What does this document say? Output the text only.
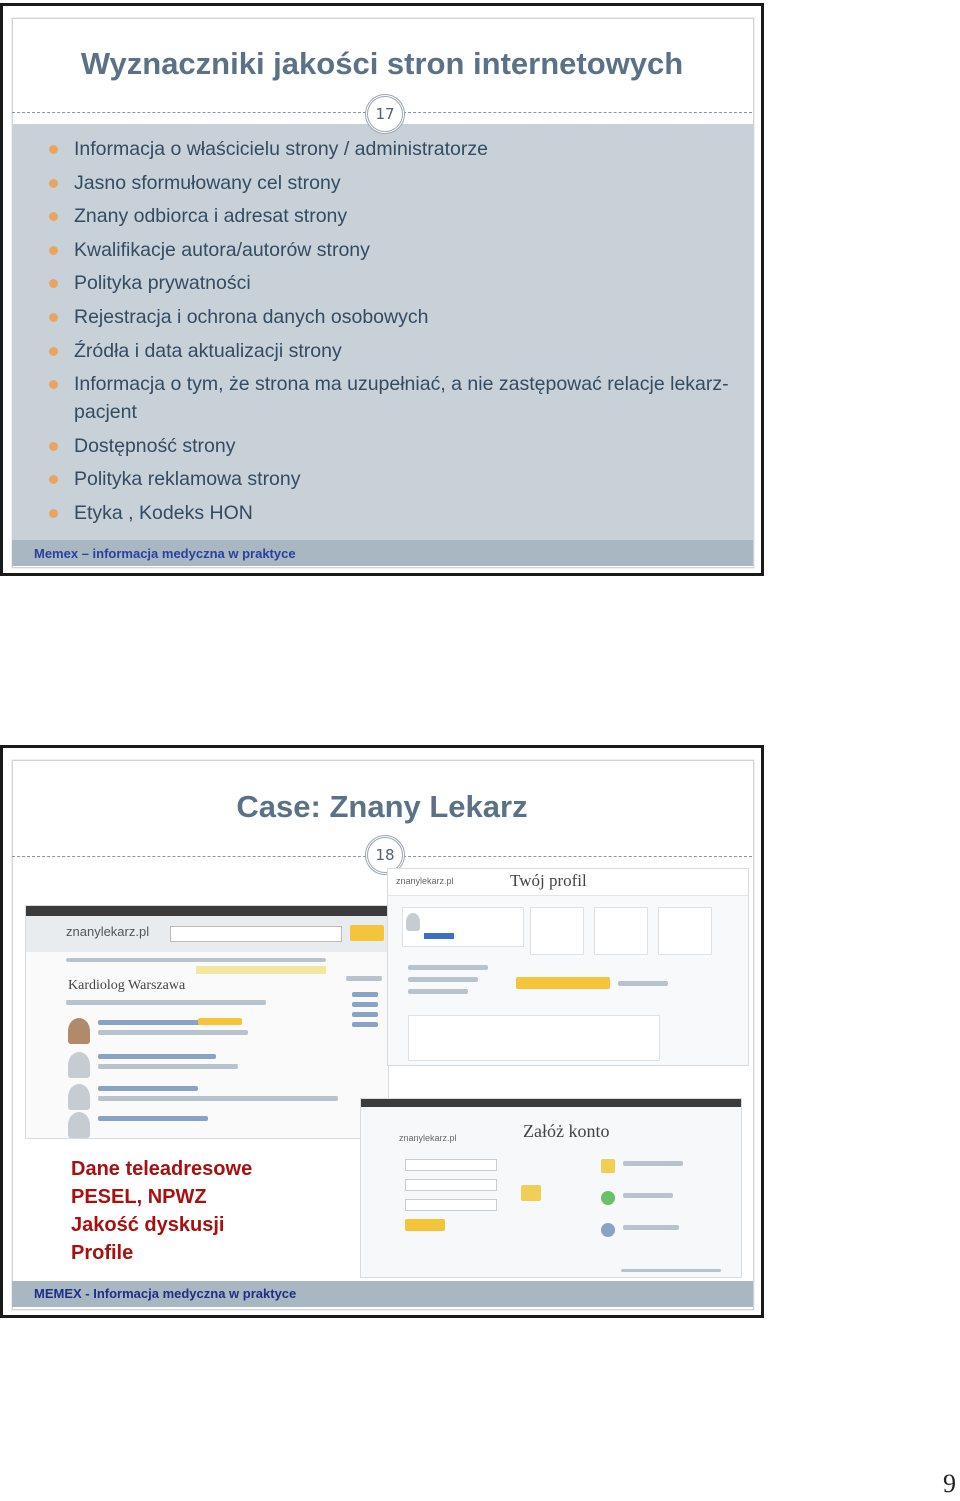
Wyznaczniki jakości stron internetowych
17
Informacja o właścicielu strony / administratorze
Jasno sformułowany cel strony
Znany odbiorca i adresat strony
Kwalifikacje autora/autorów strony
Polityka prywatności
Rejestracja i ochrona danych osobowych
Źródła i data aktualizacji strony
Informacja o tym, że strona ma uzupełniać, a nie zastępować relacje lekarz-pacjent
Dostępność strony
Polityka reklamowa strony
Etyka , Kodeks HON
Memex – informacja medyczna w praktyce
Case: Znany Lekarz
18
znanylekarz.pl
Kardiolog Warszawa
znanylekarz.pl	Twój profil
znanylekarz.pl	Załóż konto
Dane teleadresowe
PESEL, NPWZ
Jakość dyskusji
Profile
MEMEX - Informacja medyczna w praktyce
9
